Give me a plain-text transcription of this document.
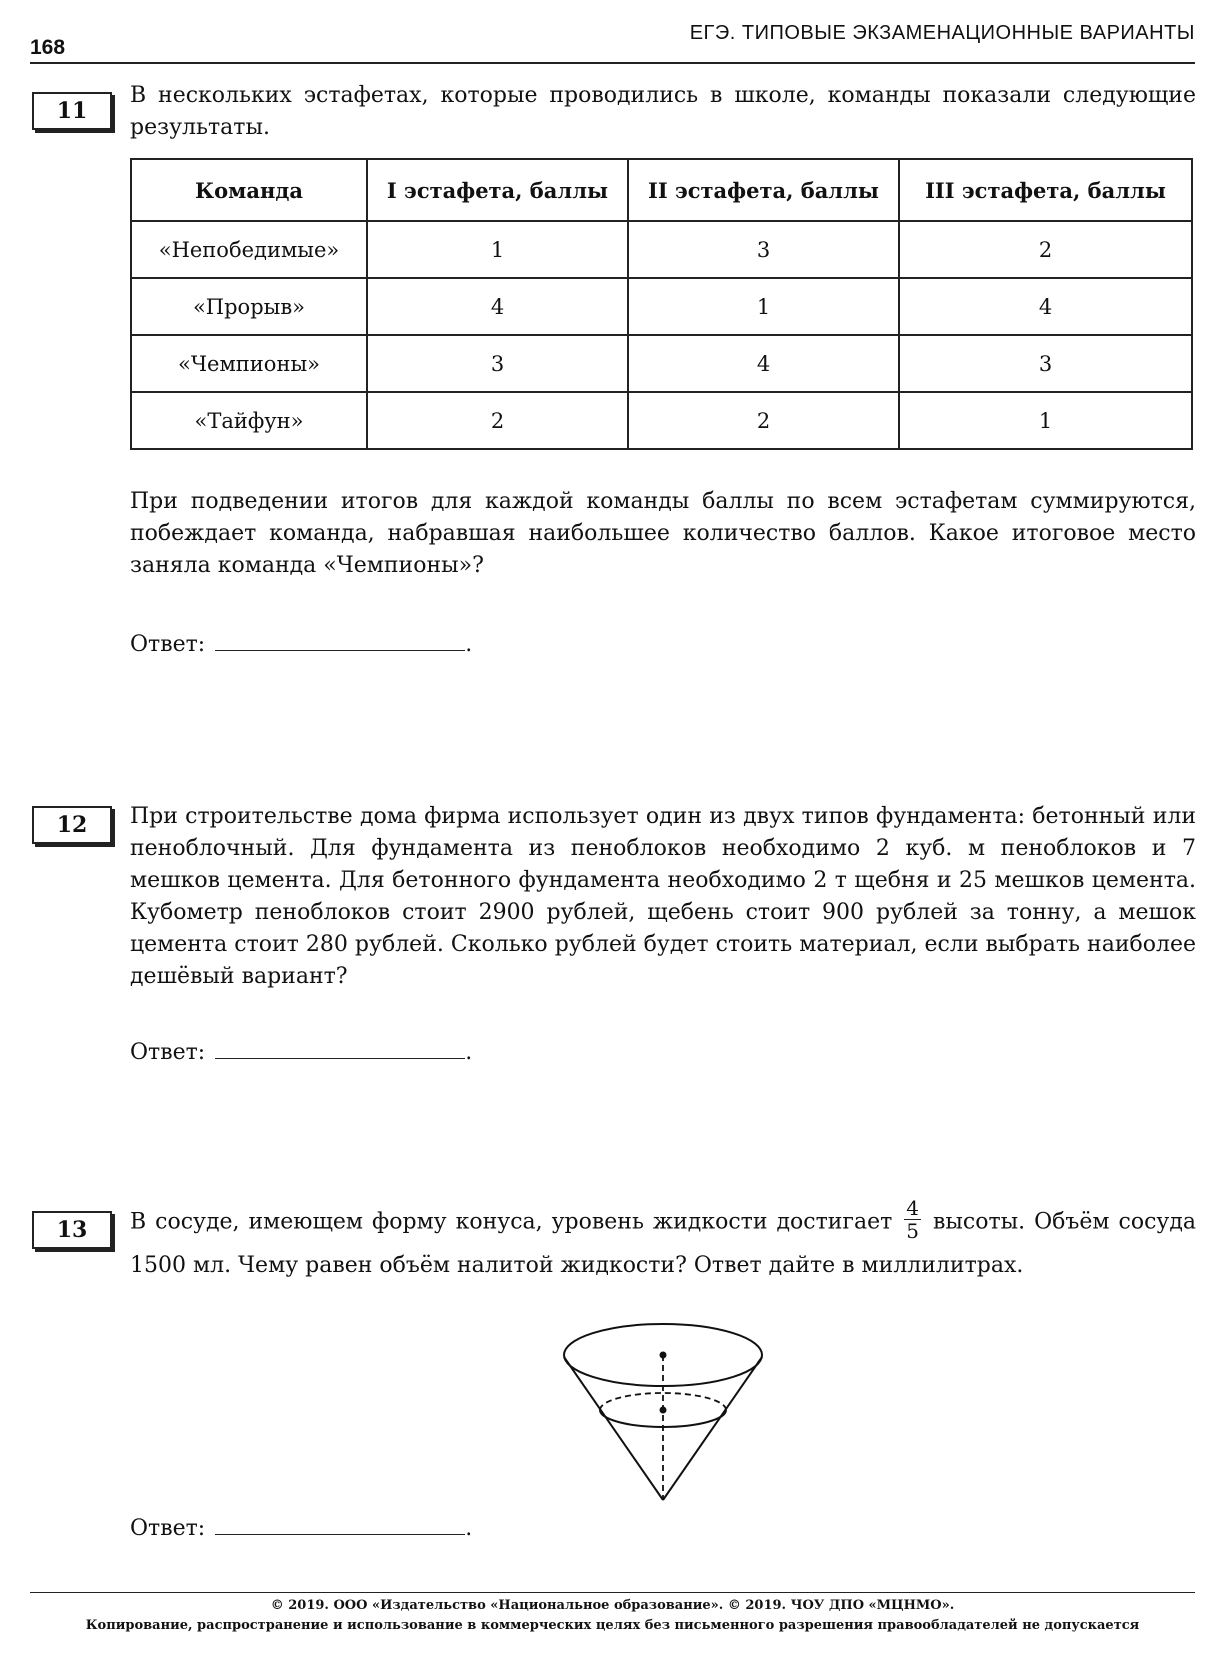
168
ЕГЭ. ТИПОВЫЕ ЭКЗАМЕНАЦИОННЫЕ ВАРИАНТЫ
11
В нескольких эстафетах, которые проводились в школе, команды показали следующие результаты.
Команда	I эстафета, баллы	II эстафета, баллы	III эстафета, баллы
«Непобедимые»	1	3	2
«Прорыв»	4	1	4
«Чемпионы»	3	4	3
«Тайфун»	2	2	1
При подведении итогов для каждой команды баллы по всем эстафетам суммируются, побеждает команда, набравшая наибольшее количество баллов. Какое итоговое место заняла команда «Чемпионы»?
Ответ:	.
12	При строительстве дома фирма использует один из двух типов фундамента: бетонный или пеноблочный. Для фундамента из пеноблоков необходимо 2 куб. м пеноблоков и 7 мешков цемента. Для бетонного фундамента необходимо 2 т щебня и 25 мешков цемента. Кубометр пеноблоков стоит 2900 рублей, щебень стоит 900 рублей за тонну, а мешок цемента стоит 280 рублей. Сколько рублей будет стоить материал, если выбрать наиболее дешёвый вариант?
Ответ:	.
13	В сосуде, имеющем форму конуса, уровень жидкости достигает $\frac{4}{5}$ высоты. Объём сосуда 1500 мл. Чему равен объём налитой жидкости? Ответ дайте в миллилитрах.
Ответ:	.
© 2019. ООО «Издательство «Национальное образование». © 2019. ЧОУ ДПО «МЦНМО».
Копирование, распространение и использование в коммерческих целях без письменного разрешения правообладателей не допускается
